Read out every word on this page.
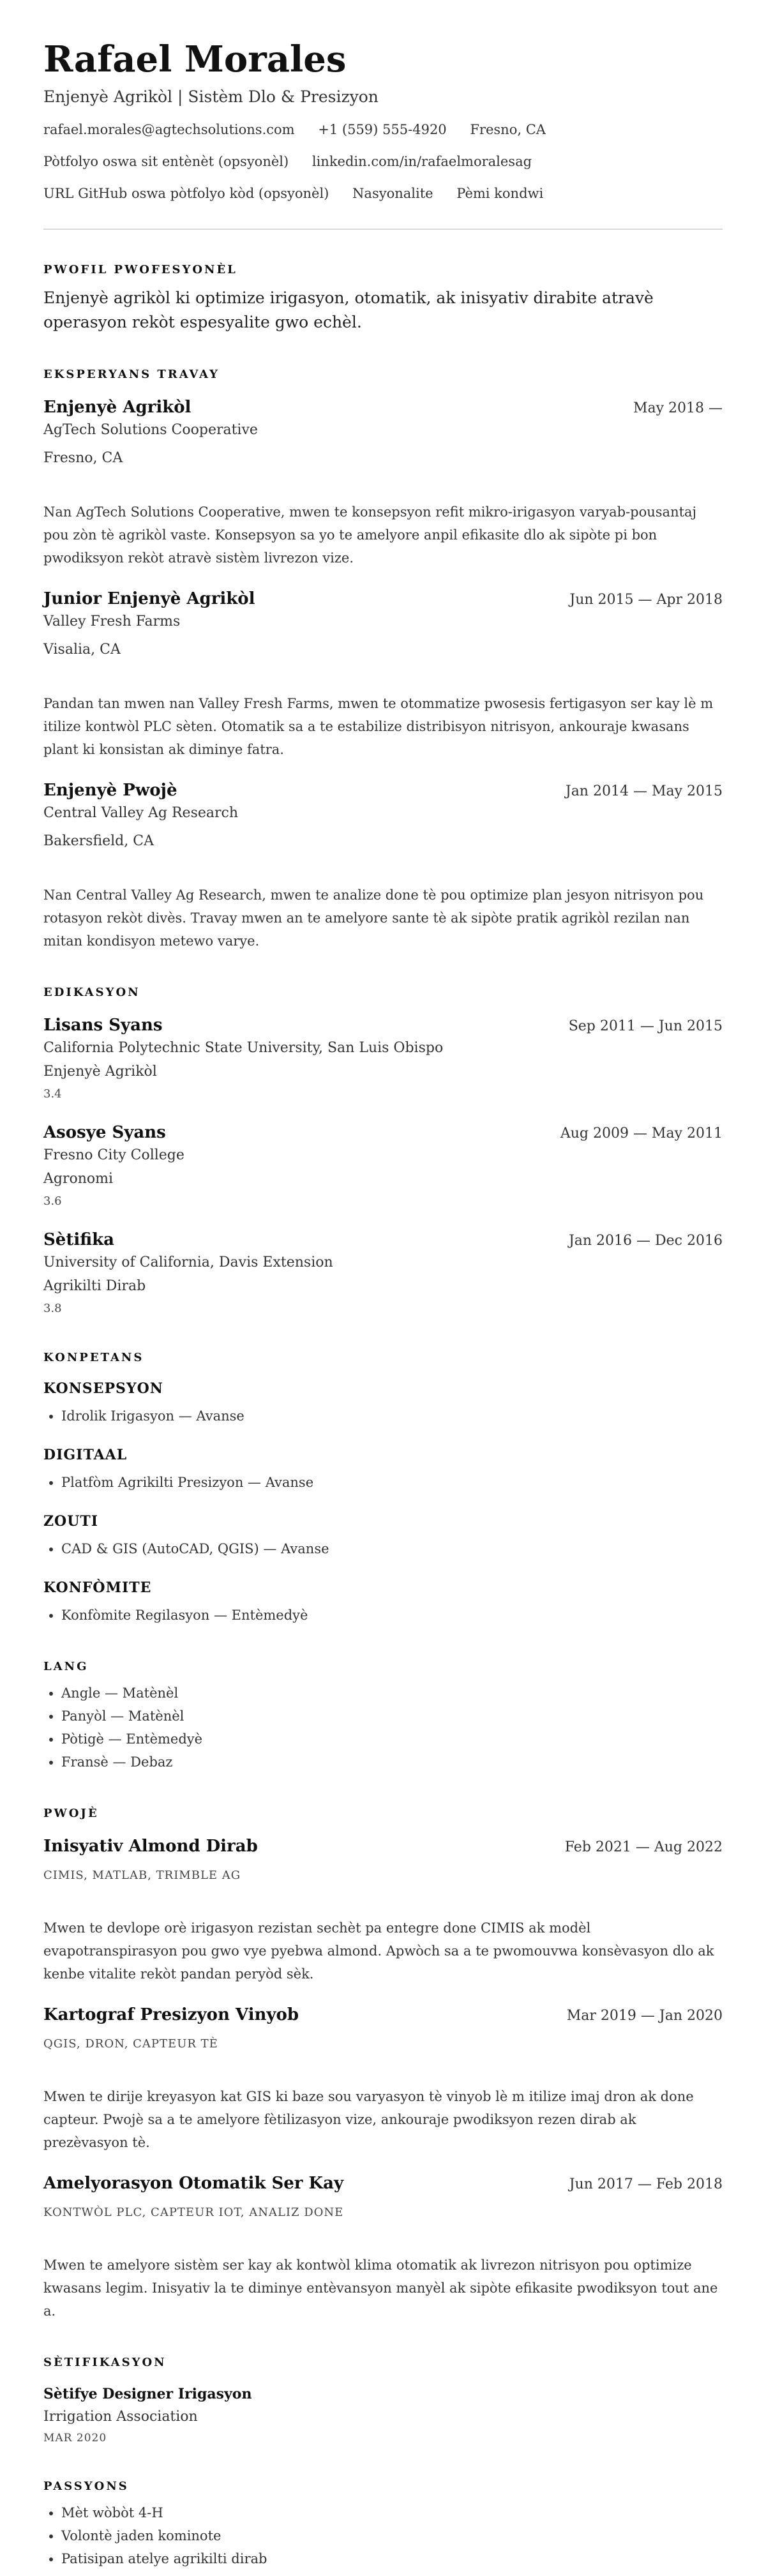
Rafael Morales
Enjenyè Agrikòl | Sistèm Dlo & Presizyon
rafael.morales@agtechsolutions.com +1 (559) 555-4920 Fresno, CA
Pòtfolyo oswa sit entènèt (opsyonèl) linkedin.com/in/rafaelmoralesag
URL GitHub oswa pòtfolyo kòd (opsyonèl) Nasyonalite Pèmi kondwi
PWOFIL PWOFESYONÈL
Enjenyè agrikòl ki optimize irigasyon, otomatik, ak inisyativ dirabite atravè operasyon rekòt espesyalite gwo echèl.
EKSPERYANS TRAVAY
Enjenyè Agrikòl	May 2018 —
AgTech Solutions Cooperative
Fresno, CA
Nan AgTech Solutions Cooperative, mwen te konsepsyon refit mikro-irigasyon varyab-pousantaj pou zòn tè agrikòl vaste. Konsepsyon sa yo te amelyore anpil efikasite dlo ak sipòte pi bon pwodiksyon rekòt atravè sistèm livrezon vize.
Junior Enjenyè Agrikòl	Jun 2015 — Apr 2018
Valley Fresh Farms
Visalia, CA
Pandan tan mwen nan Valley Fresh Farms, mwen te otommatize pwosesis fertigasyon ser kay lè m itilize kontwòl PLC sèten. Otomatik sa a te estabilize distribisyon nitrisyon, ankouraje kwasans plant ki konsistan ak diminye fatra.
Enjenyè Pwojè	Jan 2014 — May 2015
Central Valley Ag Research
Bakersfield, CA
Nan Central Valley Ag Research, mwen te analize done tè pou optimize plan jesyon nitrisyon pou rotasyon rekòt divès. Travay mwen an te amelyore sante tè ak sipòte pratik agrikòl rezilan nan mitan kondisyon metewo varye.
EDIKASYON
Lisans Syans	Sep 2011 — Jun 2015
California Polytechnic State University, San Luis Obispo
Enjenyè Agrikòl
3.4
Asosye Syans	Aug 2009 — May 2011
Fresno City College
Agronomi
3.6
Sètifika	Jan 2016 — Dec 2016
University of California, Davis Extension
Agrikilti Dirab
3.8
KONPETANS
KONSEPSYON
• Idrolik Irigasyon — Avanse
DIGITAAL
• Platfòm Agrikilti Presizyon — Avanse
ZOUTI
• CAD & GIS (AutoCAD, QGIS) — Avanse
KONFÒMITE
• Konfòmite Regilasyon — Entèmedyè
LANG
• Angle — Matènèl
• Panyòl — Matènèl
• Pòtigè — Entèmedyè
• Fransè — Debaz
PWOJÈ
Inisyativ Almond Dirab	Feb 2021 — Aug 2022
CIMIS, MATLAB, TRIMBLE AG
Mwen te devlope orè irigasyon rezistan sechèt pa entegre done CIMIS ak modèl evapotranspirasyon pou gwo vye pyebwa almond. Apwòch sa a te pwomouvwa konsèvasyon dlo ak kenbe vitalite rekòt pandan peryòd sèk.
Kartograf Presizyon Vinyob	Mar 2019 — Jan 2020
QGIS, DRON, CAPTEUR TÈ
Mwen te dirije kreyasyon kat GIS ki baze sou varyasyon tè vinyob lè m itilize imaj dron ak done capteur. Pwojè sa a te amelyore fètilizasyon vize, ankouraje pwodiksyon rezen dirab ak prezèvasyon tè.
Amelyorasyon Otomatik Ser Kay	Jun 2017 — Feb 2018
KONTWÒL PLC, CAPTEUR IOT, ANALIZ DONE
Mwen te amelyore sistèm ser kay ak kontwòl klima otomatik ak livrezon nitrisyon pou optimize kwasans legim. Inisyativ la te diminye entèvansyon manyèl ak sipòte efikasite pwodiksyon tout ane a.
SÈTIFIKASYON
Sètifye Designer Irigasyon
Irrigation Association
MAR 2020
PASSYONS
• Mèt wòbòt 4-H
• Volontè jaden kominote
• Patisipan atelye agrikilti dirab
